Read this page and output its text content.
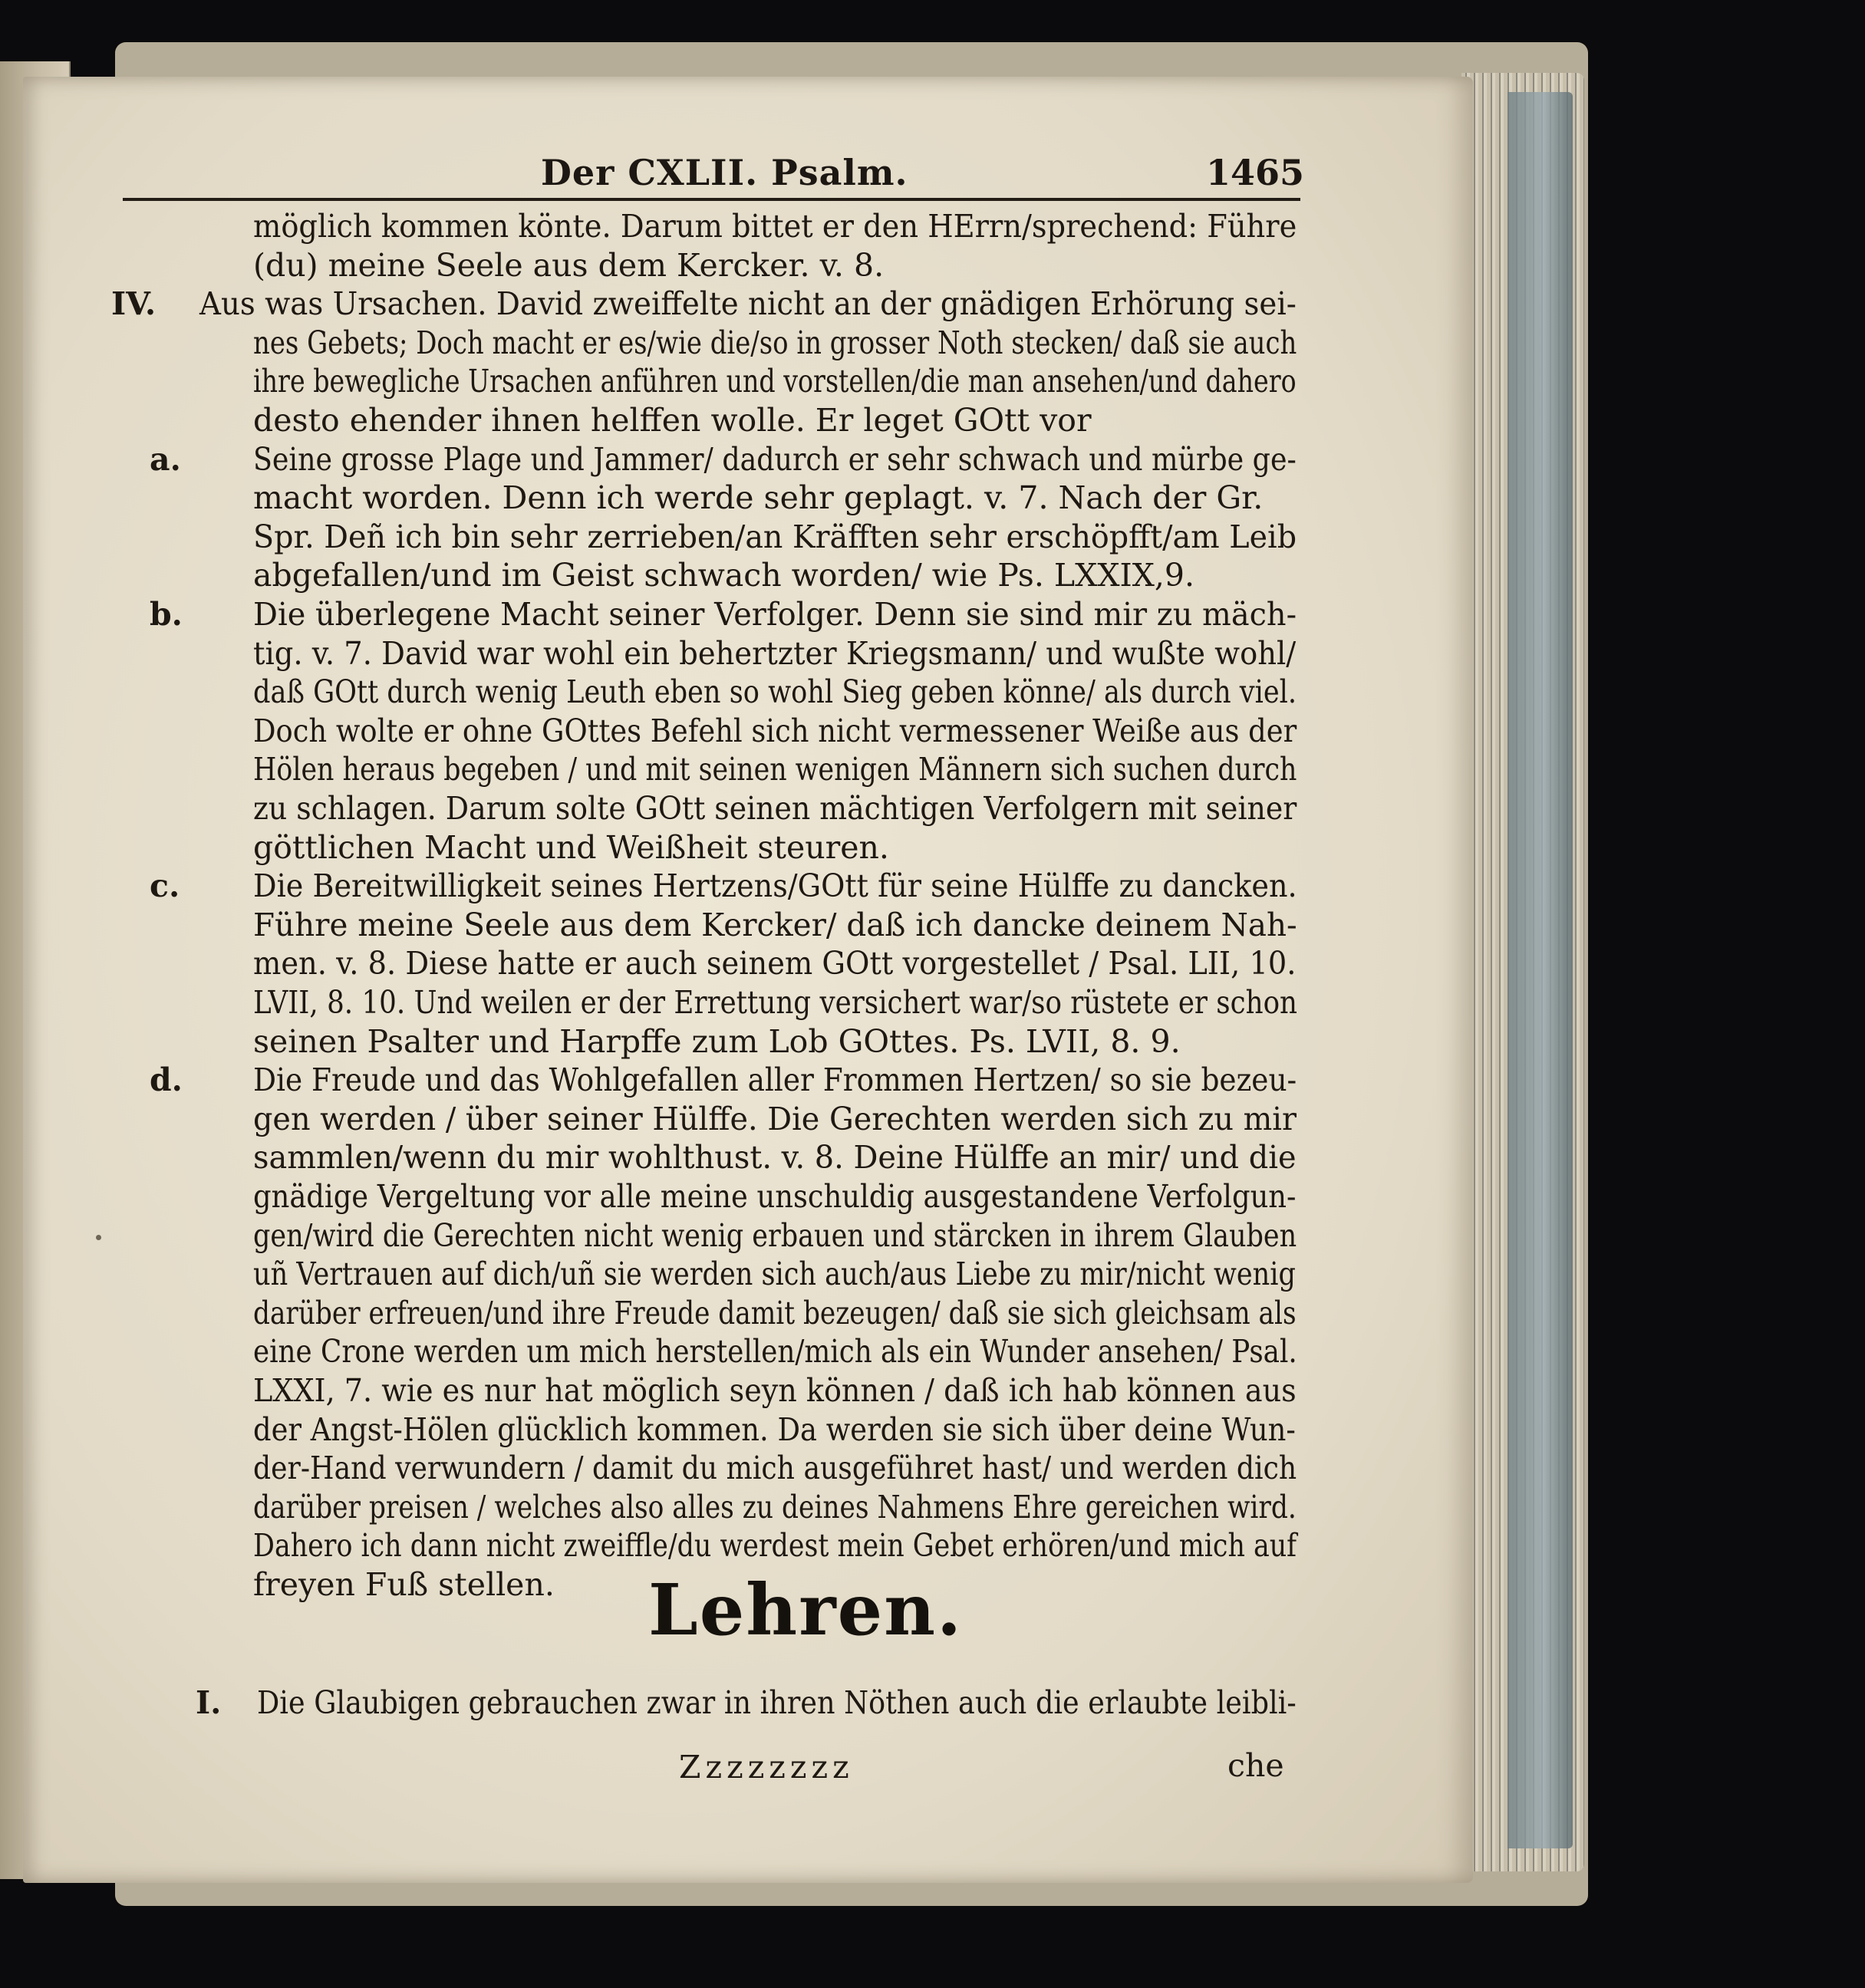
Der CXLII. Psalm.	1465
möglich kommen könte. Darum bittet er den HErrn/sprechend: Führe
(du) meine Seele aus dem Kercker. v. 8.
IV. Aus was Ursachen. David zweiffelte nicht an der gnädigen Erhörung sei-
nes Gebets; Doch macht er es/wie die/so in grosser Noth stecken/ daß sie auch
ihre bewegliche Ursachen anführen und vorstellen/die man ansehen/und dahero
desto ehender ihnen helffen wolle. Er leget GOtt vor
a. Seine grosse Plage und Jammer/ dadurch er sehr schwach und mürbe ge-
macht worden. Denn ich werde sehr geplagt. v. 7. Nach der Gr.
Spr. Deñ ich bin sehr zerrieben/an Kräfften sehr erschöpfft/am Leib
abgefallen/und im Geist schwach worden/ wie Ps. LXXIX,9.
b. Die überlegene Macht seiner Verfolger. Denn sie sind mir zu mäch-
tig. v. 7. David war wohl ein behertzter Kriegsmann/ und wußte wohl/
daß GOtt durch wenig Leuth eben so wohl Sieg geben könne/ als durch viel.
Doch wolte er ohne GOttes Befehl sich nicht vermessener Weiße aus der
Hölen heraus begeben / und mit seinen wenigen Männern sich suchen durch
zu schlagen. Darum solte GOtt seinen mächtigen Verfolgern mit seiner
göttlichen Macht und Weißheit steuren.
c. Die Bereitwilligkeit seines Hertzens/GOtt für seine Hülffe zu dancken.
Führe meine Seele aus dem Kercker/ daß ich dancke deinem Nah-
men. v. 8. Diese hatte er auch seinem GOtt vorgestellet / Psal. LII, 10.
LVII, 8. 10. Und weilen er der Errettung versichert war/so rüstete er schon
seinen Psalter und Harpffe zum Lob GOttes. Ps. LVII, 8. 9.
d. Die Freude und das Wohlgefallen aller Frommen Hertzen/ so sie bezeu-
gen werden / über seiner Hülffe. Die Gerechten werden sich zu mir
sammlen/wenn du mir wohlthust. v. 8. Deine Hülffe an mir/ und die
gnädige Vergeltung vor alle meine unschuldig ausgestandene Verfolgun-
gen/wird die Gerechten nicht wenig erbauen und stärcken in ihrem Glauben
uñ Vertrauen auf dich/uñ sie werden sich auch/aus Liebe zu mir/nicht wenig
darüber erfreuen/und ihre Freude damit bezeugen/ daß sie sich gleichsam als
eine Crone werden um mich herstellen/mich als ein Wunder ansehen/ Psal.
LXXI, 7. wie es nur hat möglich seyn können / daß ich hab können aus
der Angst-Hölen glücklich kommen. Da werden sie sich über deine Wun-
der-Hand verwundern / damit du mich ausgeführet hast/ und werden dich
darüber preisen / welches also alles zu deines Nahmens Ehre gereichen wird.
Dahero ich dann nicht zweiffle/du werdest mein Gebet erhören/und mich auf
freyen Fuß stellen. Lehren.
I. Die Glaubigen gebrauchen zwar in ihren Nöthen auch die erlaubte leibli-
Zzzzzzzz	che
